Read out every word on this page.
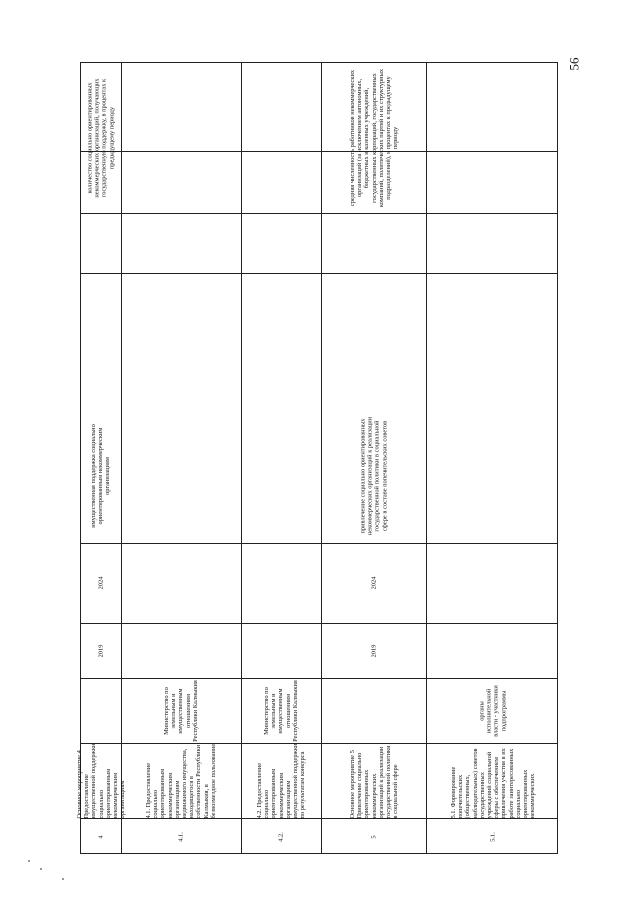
56
4
Основное мероприятие 4 Предоставление имущественной поддержки социально ориентированным некоммерческим организациям
2019
2024
имущественная поддержка социально ориентированным некоммерческим организациям
количество социально ориентированных некоммерческих организаций, получающих государственную поддержку, в процентах к предыдущему периоду
4.1.
4.1. Предоставление социально ориентированным некоммерческим организациям недвижимого имущества, находящегося в собственности Республики Калмыкия, в безвозмездное пользование
Министерство по земельным и имущественным отношениям Республики Калмыкия
4.2.
4.2. Предоставление социально ориентированным некоммерческим организациям имущественной поддержки по результатам конкурса
Министерство по земельным и имущественным отношениям Республики Калмыкия
5
Основное мероприятие 5 Привлечение социально ориентированных некоммерческих организаций к реализации государственной политики в социальной сфере
2019
2024
привлечение социально ориентированных некоммерческих организаций к реализации государственной политики в социальной сфере в составе попечительских советов
средняя численность работников некоммерческих организаций (за исключением автономных, бюджетных и казенных учреждений, государственных корпораций, государственных компаний, политических партий и их структурных подразделений), в процентах к предыдущему периоду
5.1.
5.1. Формирование попечительских (общественных, наблюдательных) советов государственных учреждений социальной сферы с обеспечением привлечения участия в их работе заинтересованных социально ориентированных некоммерческих
органы исполнительной власти - участники подпрограммы
